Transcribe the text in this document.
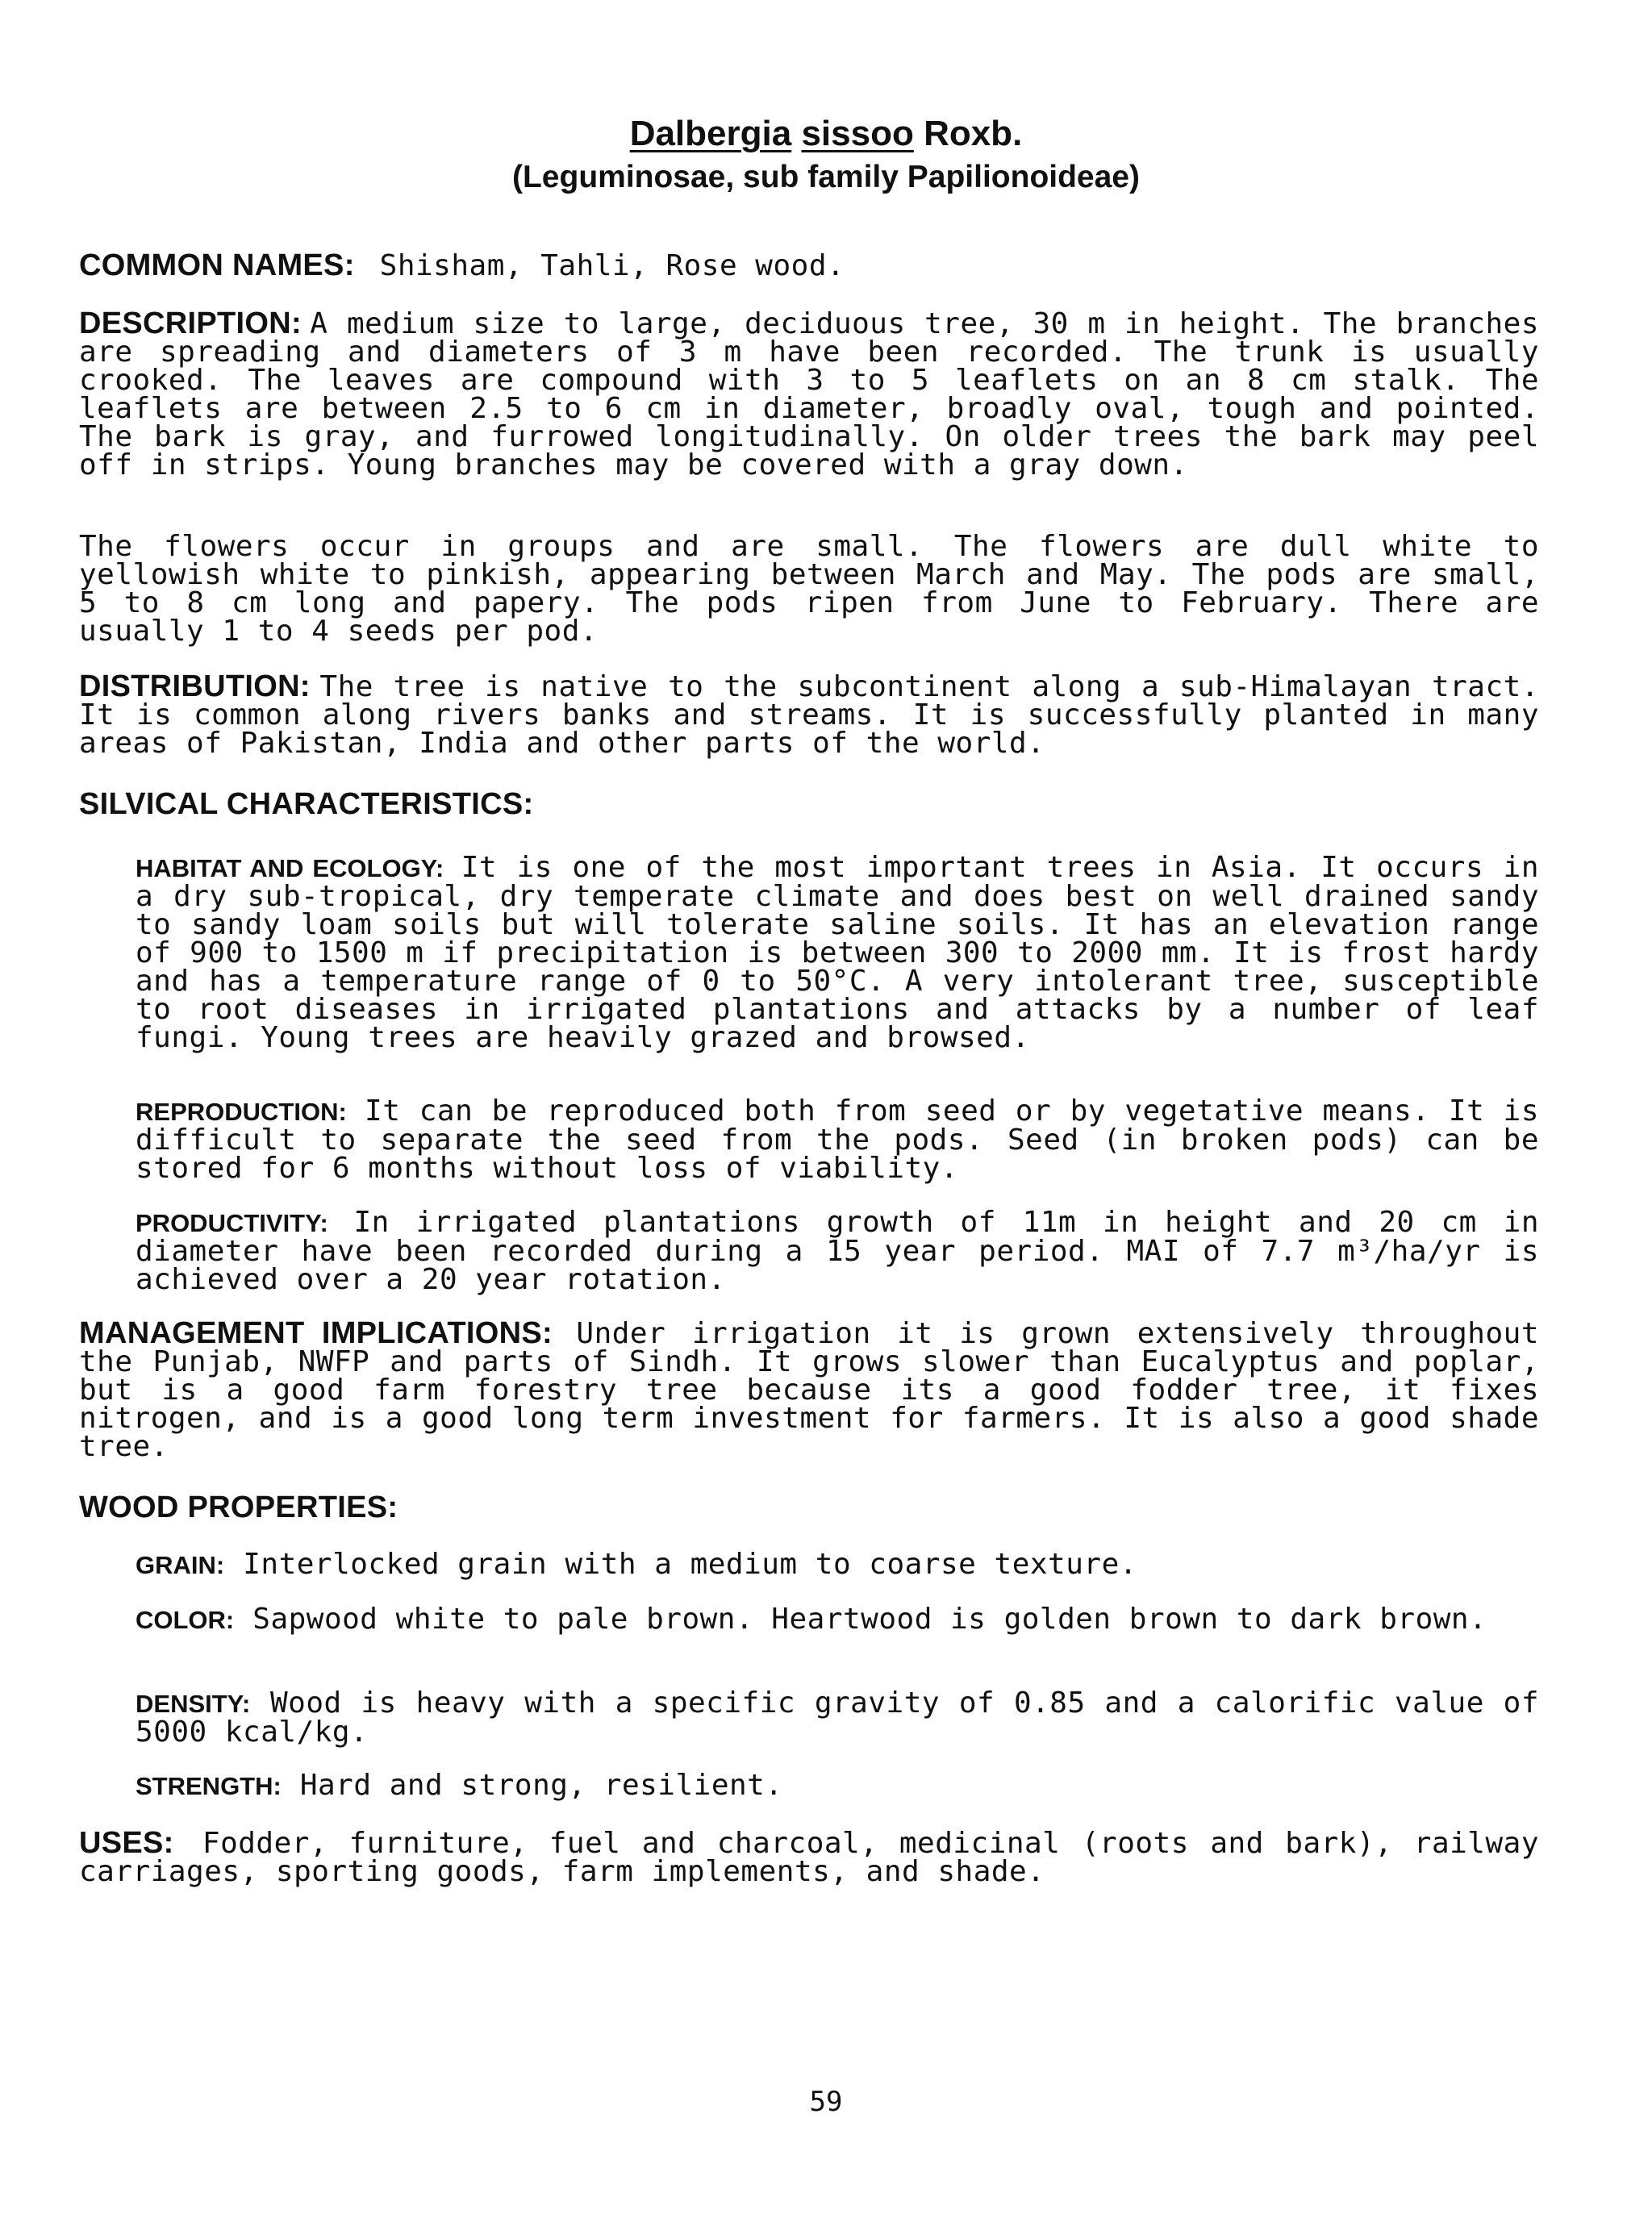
Dalbergia sissoo Roxb.
(Leguminosae, sub family Papilionoideae)
COMMON NAMES: Shisham, Tahli, Rose wood.
DESCRIPTION: A medium size to large, deciduous tree, 30 m in height. The branches are spreading and diameters of 3 m have been recorded. The trunk is usually crooked. The leaves are compound with 3 to 5 leaflets on an 8 cm stalk. The leaflets are between 2.5 to 6 cm in diameter, broadly oval, tough and pointed. The bark is gray, and furrowed longitudinally. On older trees the bark may peel off in strips. Young branches may be covered with a gray down.
The flowers occur in groups and are small. The flowers are dull white to yellowish white to pinkish, appearing between March and May. The pods are small, 5 to 8 cm long and papery. The pods ripen from June to February. There are usually 1 to 4 seeds per pod.
DISTRIBUTION: The tree is native to the subcontinent along a sub-Himalayan tract. It is common along rivers banks and streams. It is successfully planted in many areas of Pakistan, India and other parts of the world.
SILVICAL CHARACTERISTICS:
HABITAT AND ECOLOGY: It is one of the most important trees in Asia. It occurs in a dry sub-tropical, dry temperate climate and does best on well drained sandy to sandy loam soils but will tolerate saline soils. It has an elevation range of 900 to 1500 m if precipitation is between 300 to 2000 mm. It is frost hardy and has a temperature range of 0 to 50°C. A very intolerant tree, susceptible to root diseases in irrigated plantations and attacks by a number of leaf fungi. Young trees are heavily grazed and browsed.
REPRODUCTION: It can be reproduced both from seed or by vegetative means. It is difficult to separate the seed from the pods. Seed (in broken pods) can be stored for 6 months without loss of viability.
PRODUCTIVITY: In irrigated plantations growth of 11m in height and 20 cm in diameter have been recorded during a 15 year period. MAI of 7.7 m³/ha/yr is achieved over a 20 year rotation.
MANAGEMENT IMPLICATIONS: Under irrigation it is grown extensively throughout the Punjab, NWFP and parts of Sindh. It grows slower than Eucalyptus and poplar, but is a good farm forestry tree because its a good fodder tree, it fixes nitrogen, and is a good long term investment for farmers. It is also a good shade tree.
WOOD PROPERTIES:
GRAIN: Interlocked grain with a medium to coarse texture.
COLOR: Sapwood white to pale brown. Heartwood is golden brown to dark brown.
DENSITY: Wood is heavy with a specific gravity of 0.85 and a calorific value of 5000 kcal/kg.
STRENGTH: Hard and strong, resilient.
USES: Fodder, furniture, fuel and charcoal, medicinal (roots and bark), railway carriages, sporting goods, farm implements, and shade.
59
